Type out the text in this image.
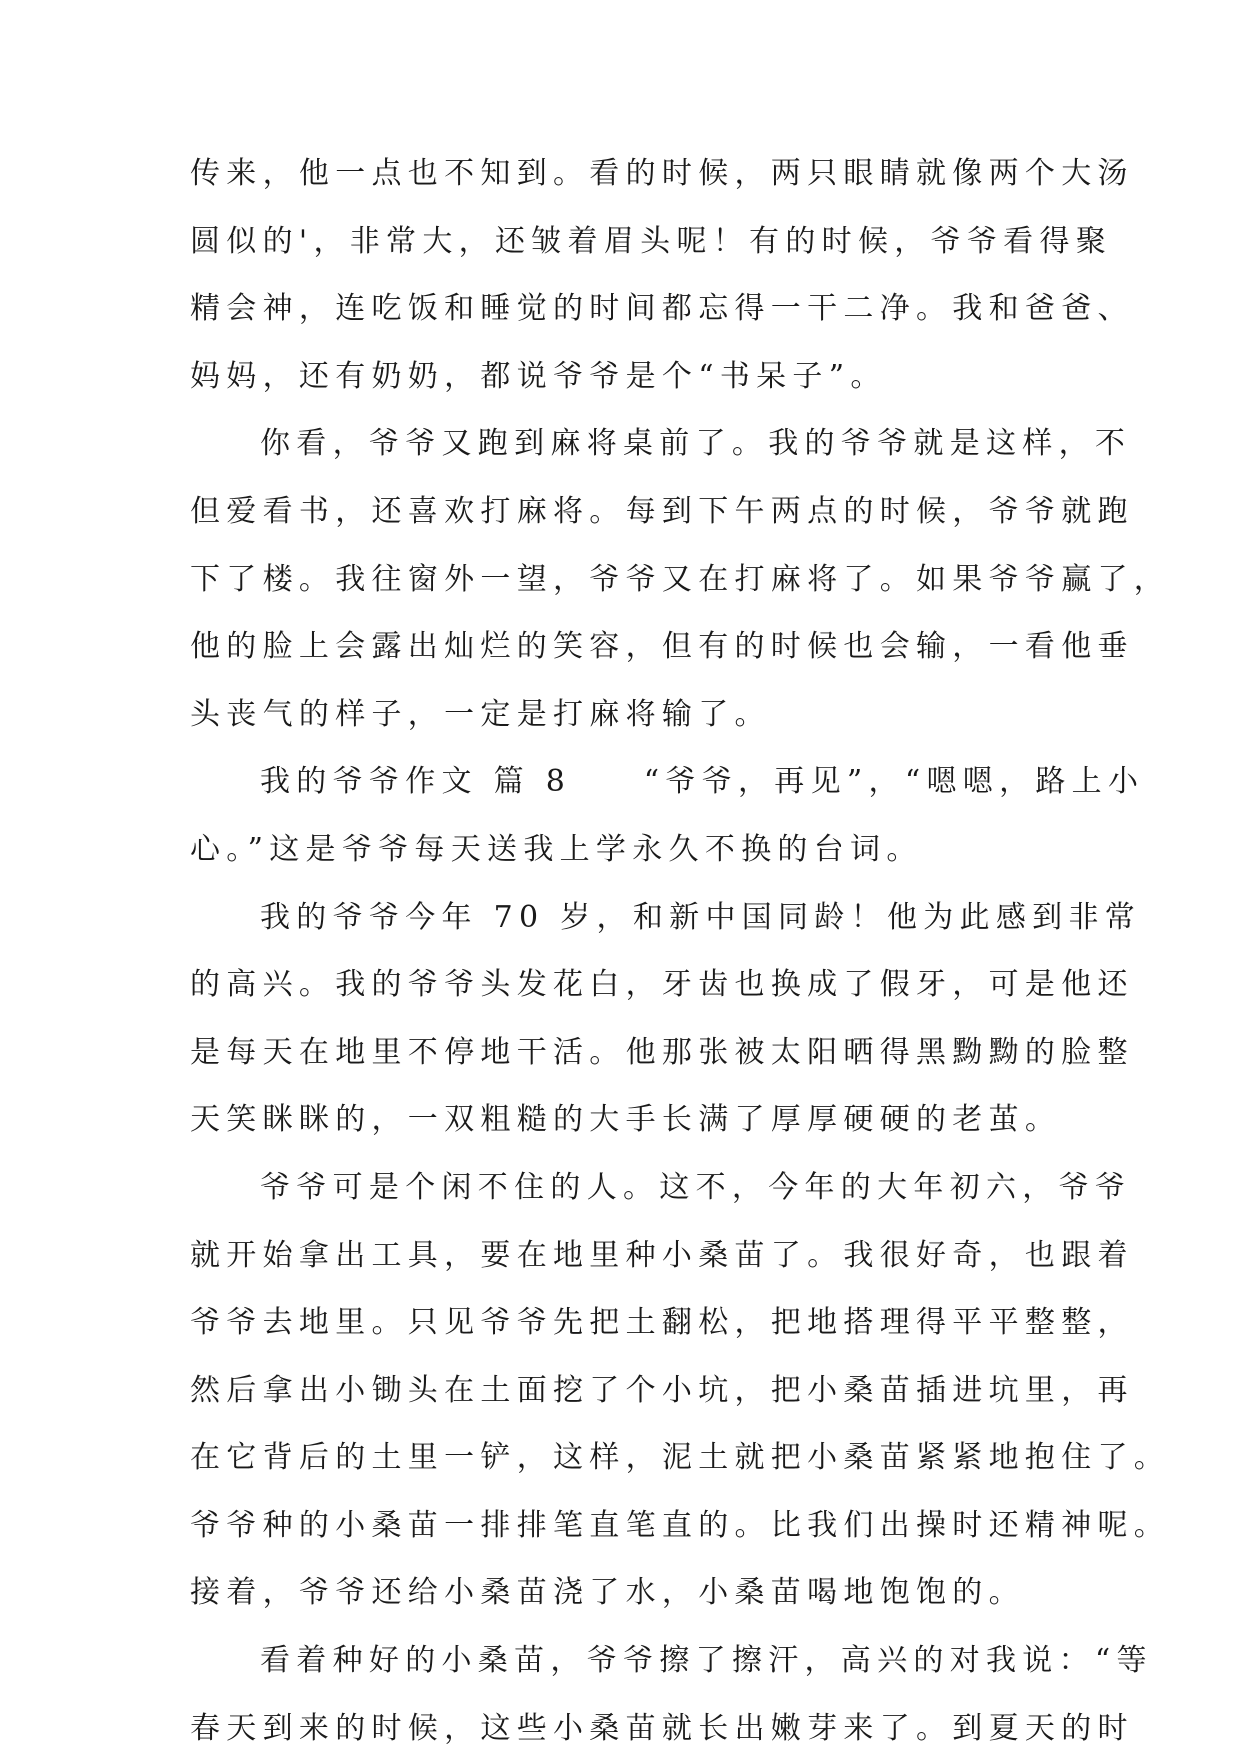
传来，他一点也不知到。看的时候，两只眼睛就像两个大汤
圆似的'，非常大，还皱着眉头呢！有的时候，爷爷看得聚
精会神，连吃饭和睡觉的时间都忘得一干二净。我和爸爸、
妈妈，还有奶奶，都说爷爷是个“书呆子”。
你看，爷爷又跑到麻将桌前了。我的爷爷就是这样，不
但爱看书，还喜欢打麻将。每到下午两点的时候，爷爷就跑
下了楼。我往窗外一望，爷爷又在打麻将了。如果爷爷赢了，
他的脸上会露出灿烂的笑容，但有的时候也会输，一看他垂
头丧气的样子，一定是打麻将输了。
我的爷爷作文 篇 8　　“爷爷，再见”，“嗯嗯，路上小
心。”这是爷爷每天送我上学永久不换的台词。
我的爷爷今年 70 岁，和新中国同龄！他为此感到非常
的高兴。我的爷爷头发花白，牙齿也换成了假牙，可是他还
是每天在地里不停地干活。他那张被太阳晒得黑黝黝的脸整
天笑眯眯的，一双粗糙的大手长满了厚厚硬硬的老茧。
爷爷可是个闲不住的人。这不，今年的大年初六，爷爷
就开始拿出工具，要在地里种小桑苗了。我很好奇，也跟着
爷爷去地里。只见爷爷先把土翻松，把地搭理得平平整整，
然后拿出小锄头在土面挖了个小坑，把小桑苗插进坑里，再
在它背后的土里一铲，这样，泥土就把小桑苗紧紧地抱住了。
爷爷种的小桑苗一排排笔直笔直的。比我们出操时还精神呢。
接着，爷爷还给小桑苗浇了水，小桑苗喝地饱饱的。
看着种好的小桑苗，爷爷擦了擦汗，高兴的对我说：“等
春天到来的时候，这些小桑苗就长出嫩芽来了。到夏天的时
